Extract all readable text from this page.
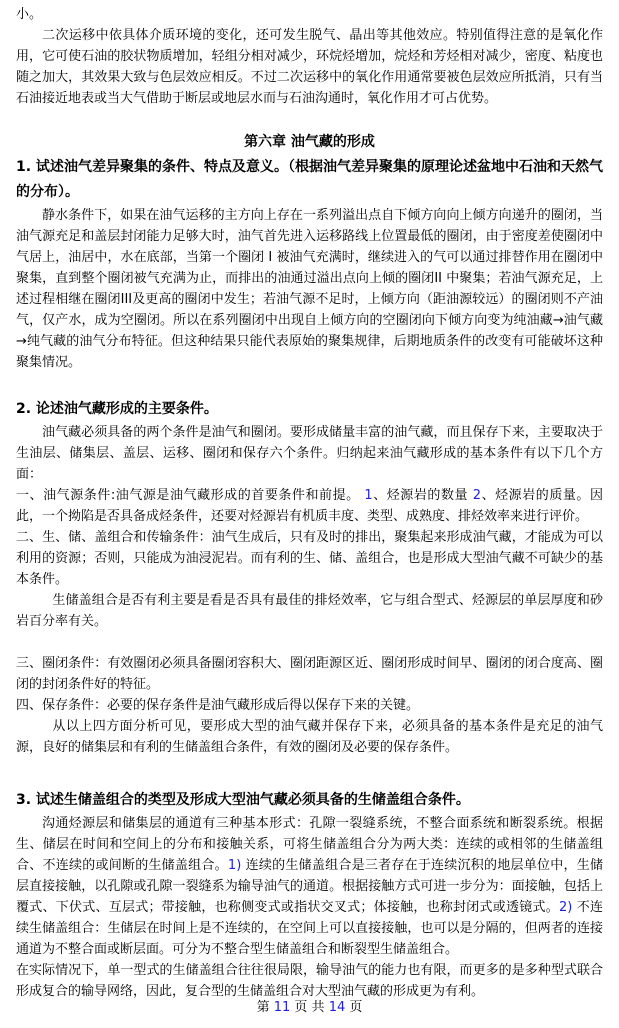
小。

二次运移中依具体介质环境的变化，还可发生脱气、晶出等其他效应。特别值得注意的是氧化作用，它可使石油的胶状物质增加，轻组分相对减少，环烷烃增加，烷烃和芳烃相对减少，密度、粘度也随之加大，其效果大致与色层效应相反。不过二次运移中的氧化作用通常要被色层效应所抵消，只有当石油接近地表或当大气借助于断层或地层水而与石油沟通时，氧化作用才可占优势。

第六章 油气藏的形成
1. 试述油气差异聚集的条件、特点及意义。（根据油气差异聚集的原理论述盆地中石油和天然气的分布）。

静水条件下，如果在油气运移的主方向上存在一系列溢出点自下倾方向向上倾方向递升的圈闭，当油气源充足和盖层封闭能力足够大时，油气首先进入运移路线上位置最低的圈闭，由于密度差使圈闭中气居上，油居中，水在底部，当第一个圈闭 I 被油气充满时，继续进入的气可以通过排替作用在圈闭中聚集，直到整个圈闭被气充满为止，而排出的油通过溢出点向上倾的圈闭II 中聚集；若油气源充足，上述过程相继在圈闭III及更高的圈闭中发生；若油气源不足时，上倾方向（距油源较远）的圈闭则不产油气，仅产水，成为空圈闭。所以在系列圈闭中出现自上倾方向的空圈闭向下倾方向变为纯油藏→油气藏→纯气藏的油气分布特征。但这种结果只能代表原始的聚集规律，后期地质条件的改变有可能破坏这种聚集情况。

2. 论述油气藏形成的主要条件。

油气藏必须具备的两个条件是油气和圈闭。要形成储量丰富的油气藏，而且保存下来，主要取决于生油层、储集层、盖层、运移、圈闭和保存六个条件。归纳起来油气藏形成的基本条件有以下几个方面：

一、油气源条件:油气源是油气藏形成的首要条件和前提。 1、烃源岩的数量 2、烃源岩的质量。因此，一个拗陷是否具备成烃条件，还要对烃源岩有机质丰度、类型、成熟度、排烃效率来进行评价。

二、生、储、盖组合和传输条件：油气生成后，只有及时的排出，聚集起来形成油气藏，才能成为可以利用的资源；否则，只能成为油浸泥岩。而有利的生、储、盖组合，也是形成大型油气藏不可缺少的基本条件。

生储盖组合是否有利主要是看是否具有最佳的排烃效率，它与组合型式、烃源层的单层厚度和砂岩百分率有关。

三、圈闭条件：有效圈闭必须具备圈闭容积大、圈闭距源区近、圈闭形成时间早、圈闭的闭合度高、圈闭的封闭条件好的特征。

四、保存条件：必要的保存条件是油气藏形成后得以保存下来的关键。

从以上四方面分析可见，要形成大型的油气藏并保存下来，必须具备的基本条件是充足的油气源，良好的储集层和有利的生储盖组合条件，有效的圈闭及必要的保存条件。

3. 试述生储盖组合的类型及形成大型油气藏必须具备的生储盖组合条件。

沟通烃源层和储集层的通道有三种基本形式：孔隙一裂缝系统，不整合面系统和断裂系统。根据生、储层在时间和空间上的分布和接触关系，可将生储盖组合分为两大类：连续的或相邻的生储盖组合、不连续的或间断的生储盖组合。1) 连续的生储盖组合是三者存在于连续沉积的地层单位中，生储层直接接触，以孔隙或孔隙一裂缝系为输导油气的通道。根据接触方式可进一步分为：面接触，包括上覆式、下伏式、互层式；带接触，也称侧变式或指状交叉式；体接触，也称封闭式或透镜式。2) 不连续生储盖组合：生储层在时间上是不连续的，在空间上可以直接接触，也可以是分隔的，但两者的连接通道为不整合面或断层面。可分为不整合型生储盖组合和断裂型生储盖组合。

在实际情况下，单一型式的生储盖组合往往很局限，输导油气的能力也有限，而更多的是多种型式联合形成复合的输导网络，因此，复合型的生储盖组合对大型油气藏的形成更为有利。

第 11 页 共 14 页
